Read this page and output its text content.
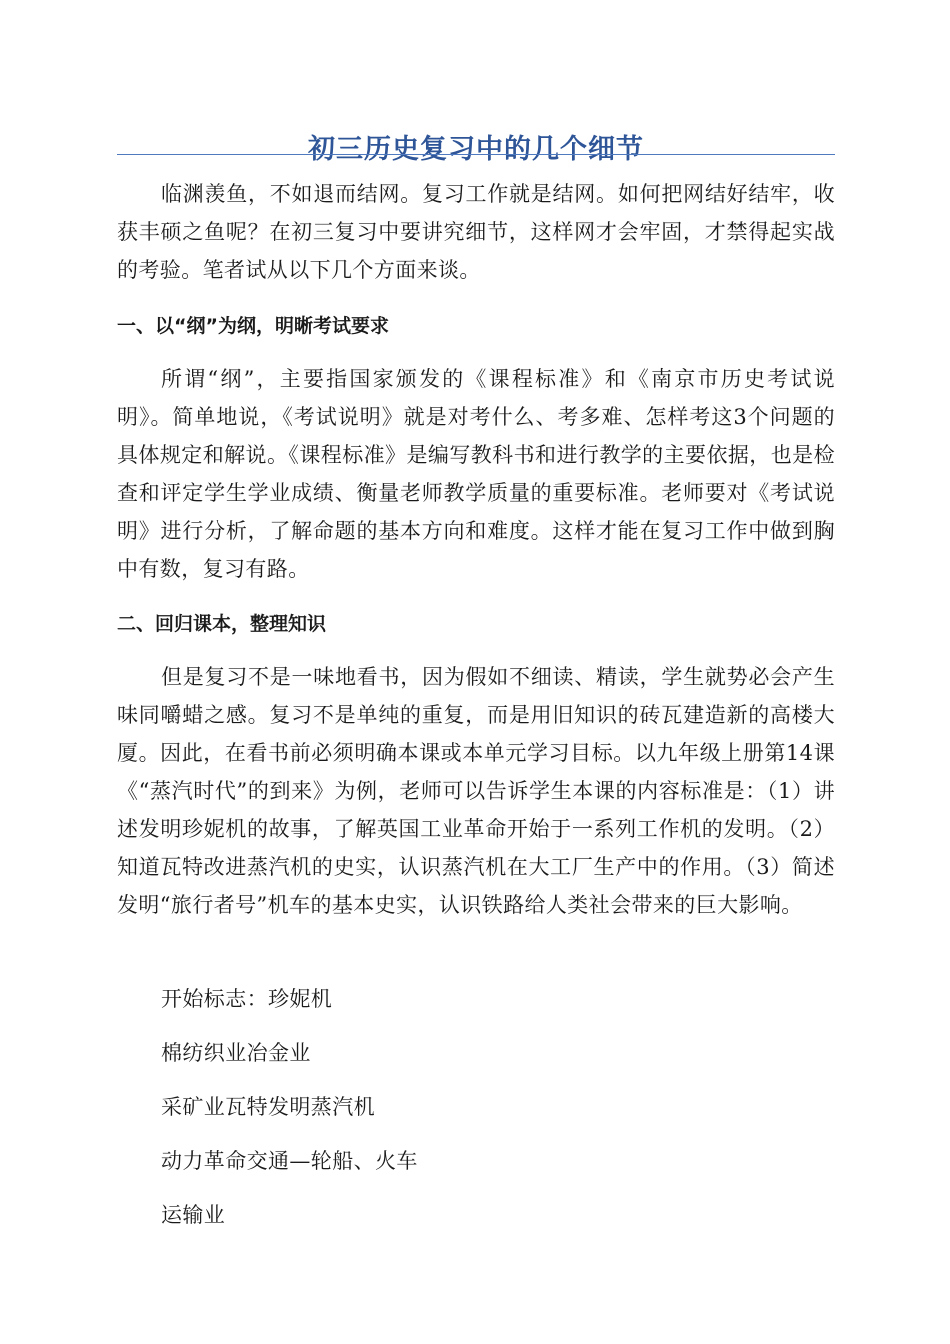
初三历史复习中的几个细节

临渊羡鱼，不如退而结网。复习工作就是结网。如何把网结好结牢，收获丰硕之鱼呢？在初三复习中要讲究细节，这样网才会牢固，才禁得起实战的考验。笔者试从以下几个方面来谈。

一、以“纲”为纲，明晰考试要求

所谓“纲”，主要指国家颁发的《课程标准》和《南京市历史考试说明》。简单地说，《考试说明》就是对考什么、考多难、怎样考这3个问题的具体规定和解说。《课程标准》是编写教科书和进行教学的主要依据，也是检查和评定学生学业成绩、衡量老师教学质量的重要标准。老师要对《考试说明》进行分析，了解命题的基本方向和难度。这样才能在复习工作中做到胸中有数，复习有路。

二、回归课本，整理知识

但是复习不是一味地看书，因为假如不细读、精读，学生就势必会产生味同嚼蜡之感。复习不是单纯的重复，而是用旧知识的砖瓦建造新的高楼大厦。因此，在看书前必须明确本课或本单元学习目标。以九年级上册第14课《“蒸汽时代”的到来》为例，老师可以告诉学生本课的内容标准是：（1）讲述发明珍妮机的故事，了解英国工业革命开始于一系列工作机的发明。（2）知道瓦特改进蒸汽机的史实，认识蒸汽机在大工厂生产中的作用。（3）简述发明“旅行者号”机车的基本史实，认识铁路给人类社会带来的巨大影响。

开始标志：珍妮机

棉纺织业冶金业

采矿业瓦特发明蒸汽机

动力革命交通—轮船、火车

运输业
